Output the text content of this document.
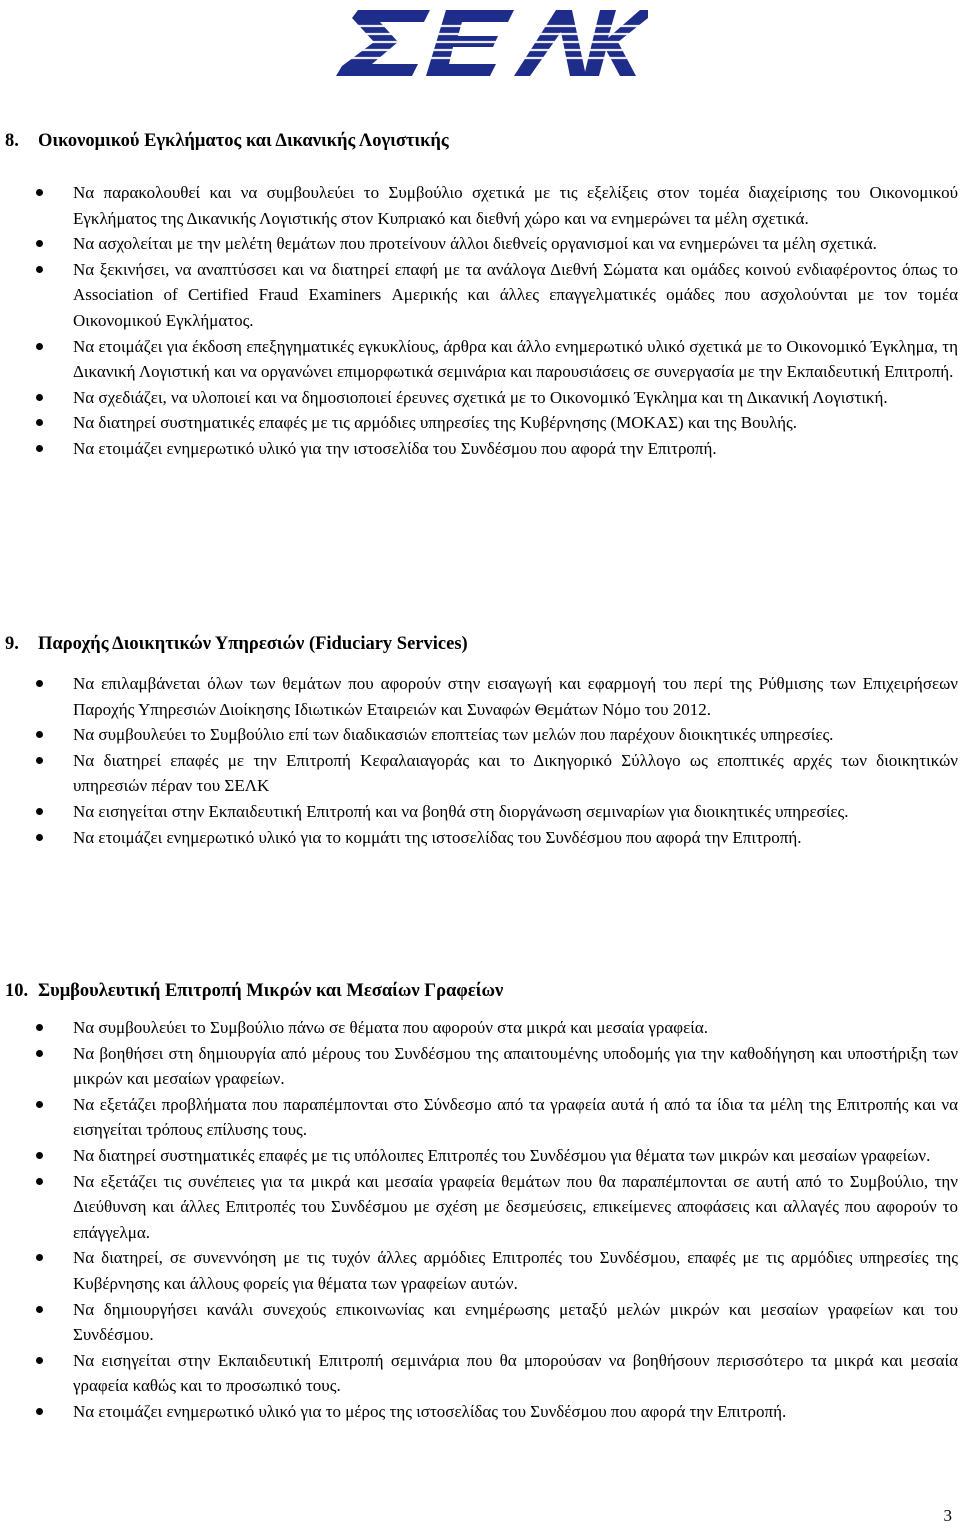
8. Οικονομικού Εγκλήματος και Δικανικής Λογιστικής
Να παρακολουθεί και να συμβουλεύει το Συμβούλιο σχετικά με τις εξελίξεις στον τομέα διαχείρισης του Οικονομικού Εγκλήματος της Δικανικής Λογιστικής στον Κυπριακό και διεθνή χώρο και να ενημερώνει τα μέλη σχετικά.
Να ασχολείται με την μελέτη θεμάτων που προτείνουν άλλοι διεθνείς οργανισμοί και να ενημερώνει τα μέλη σχετικά.
Να ξεκινήσει, να αναπτύσσει και να διατηρεί επαφή με τα ανάλογα Διεθνή Σώματα και ομάδες κοινού ενδιαφέροντος όπως το Association of Certified Fraud Examiners Αμερικής και άλλες επαγγελματικές ομάδες που ασχολούνται με τον τομέα Οικονομικού Εγκλήματος.
Να ετοιμάζει για έκδοση επεξηγηματικές εγκυκλίους, άρθρα και άλλο ενημερωτικό υλικό σχετικά με το Οικονομικό Έγκλημα, τη Δικανική Λογιστική και να οργανώνει επιμορφωτικά σεμινάρια και παρουσιάσεις σε συνεργασία με την Εκπαιδευτική Επιτροπή.
Να σχεδιάζει, να υλοποιεί και να δημοσιοποιεί έρευνες σχετικά με το Οικονομικό Έγκλημα και τη Δικανική Λογιστική.
Να διατηρεί συστηματικές επαφές με τις αρμόδιες υπηρεσίες της Κυβέρνησης (ΜΟΚΑΣ) και της Βουλής.
Να ετοιμάζει ενημερωτικό υλικό για την ιστοσελίδα του Συνδέσμου που αφορά την Επιτροπή.
9. Παροχής Διοικητικών Υπηρεσιών (Fiduciary Services)
Να επιλαμβάνεται όλων των θεμάτων που αφορούν στην εισαγωγή και εφαρμογή του περί της Ρύθμισης των Επιχειρήσεων Παροχής Υπηρεσιών Διοίκησης Ιδιωτικών Εταιρειών και Συναφών Θεμάτων Νόμο του 2012.
Να συμβουλεύει το Συμβούλιο επί των διαδικασιών εποπτείας των μελών που παρέχουν διοικητικές υπηρεσίες.
Να διατηρεί επαφές με την Επιτροπή Κεφαλαιαγοράς και το Δικηγορικό Σύλλογο ως εποπτικές αρχές των διοικητικών υπηρεσιών πέραν του ΣΕΛΚ
Να εισηγείται στην Εκπαιδευτική Επιτροπή και να βοηθά στη διοργάνωση σεμιναρίων για διοικητικές υπηρεσίες.
Να ετοιμάζει ενημερωτικό υλικό για το κομμάτι της ιστοσελίδας του Συνδέσμου που αφορά την Επιτροπή.
10. Συμβουλευτική Επιτροπή Μικρών και Μεσαίων Γραφείων
Να συμβουλεύει το Συμβούλιο πάνω σε θέματα που αφορούν στα μικρά και μεσαία γραφεία.
Να βοηθήσει στη δημιουργία από μέρους του Συνδέσμου της απαιτουμένης υποδομής για την καθοδήγηση και υποστήριξη των μικρών και μεσαίων γραφείων.
Να εξετάζει προβλήματα που παραπέμπονται στο Σύνδεσμο από τα γραφεία αυτά ή από τα ίδια τα μέλη της Επιτροπής και να εισηγείται τρόπους επίλυσης τους.
Να διατηρεί συστηματικές επαφές με τις υπόλοιπες Επιτροπές του Συνδέσμου για θέματα των μικρών και μεσαίων γραφείων.
Να εξετάζει τις συνέπειες για τα μικρά και μεσαία γραφεία θεμάτων που θα παραπέμπονται σε αυτή από το Συμβούλιο, την Διεύθυνση και άλλες Επιτροπές του Συνδέσμου με σχέση με δεσμεύσεις, επικείμενες αποφάσεις και αλλαγές που αφορούν το επάγγελμα.
Να διατηρεί, σε συνεννόηση με τις τυχόν άλλες αρμόδιες Επιτροπές του Συνδέσμου, επαφές με τις αρμόδιες υπηρεσίες της Κυβέρνησης και άλλους φορείς για θέματα των γραφείων αυτών.
Να δημιουργήσει κανάλι συνεχούς επικοινωνίας και ενημέρωσης μεταξύ μελών μικρών και μεσαίων γραφείων και του Συνδέσμου.
Να εισηγείται στην Εκπαιδευτική Επιτροπή σεμινάρια που θα μπορούσαν να βοηθήσουν περισσότερο τα μικρά και μεσαία γραφεία καθώς και το προσωπικό τους.
Να ετοιμάζει ενημερωτικό υλικό για το μέρος της ιστοσελίδας του Συνδέσμου που αφορά την Επιτροπή.
3
